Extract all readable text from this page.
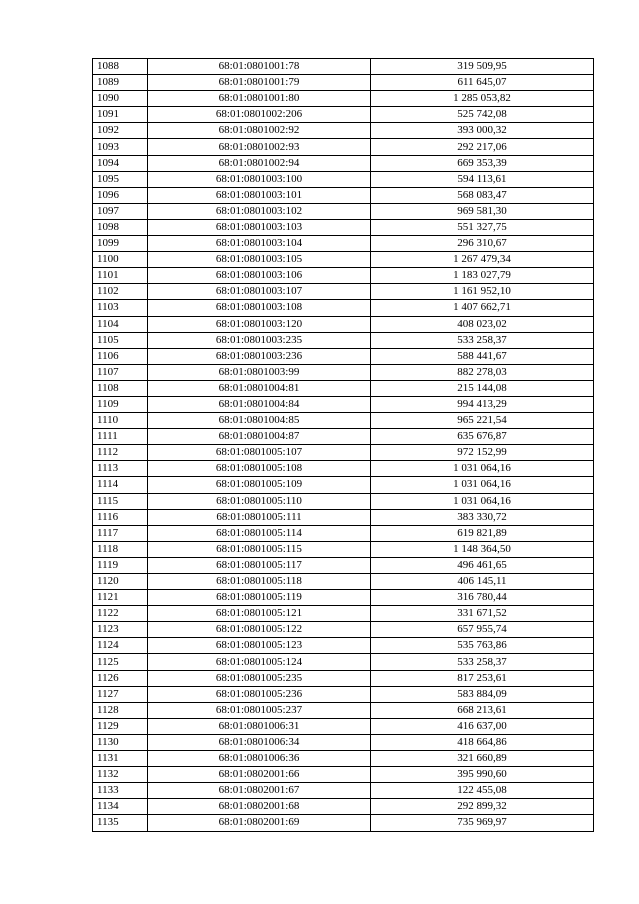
1088	68:01:0801001:78	319 509,95
1089	68:01:0801001:79	611 645,07
1090	68:01:0801001:80	1 285 053,82
1091	68:01:0801002:206	525 742,08
1092	68:01:0801002:92	393 000,32
1093	68:01:0801002:93	292 217,06
1094	68:01:0801002:94	669 353,39
1095	68:01:0801003:100	594 113,61
1096	68:01:0801003:101	568 083,47
1097	68:01:0801003:102	969 581,30
1098	68:01:0801003:103	551 327,75
1099	68:01:0801003:104	296 310,67
1100	68:01:0801003:105	1 267 479,34
1101	68:01:0801003:106	1 183 027,79
1102	68:01:0801003:107	1 161 952,10
1103	68:01:0801003:108	1 407 662,71
1104	68:01:0801003:120	408 023,02
1105	68:01:0801003:235	533 258,37
1106	68:01:0801003:236	588 441,67
1107	68:01:0801003:99	882 278,03
1108	68:01:0801004:81	215 144,08
1109	68:01:0801004:84	994 413,29
1110	68:01:0801004:85	965 221,54
1111	68:01:0801004:87	635 676,87
1112	68:01:0801005:107	972 152,99
1113	68:01:0801005:108	1 031 064,16
1114	68:01:0801005:109	1 031 064,16
1115	68:01:0801005:110	1 031 064,16
1116	68:01:0801005:111	383 330,72
1117	68:01:0801005:114	619 821,89
1118	68:01:0801005:115	1 148 364,50
1119	68:01:0801005:117	496 461,65
1120	68:01:0801005:118	406 145,11
1121	68:01:0801005:119	316 780,44
1122	68:01:0801005:121	331 671,52
1123	68:01:0801005:122	657 955,74
1124	68:01:0801005:123	535 763,86
1125	68:01:0801005:124	533 258,37
1126	68:01:0801005:235	817 253,61
1127	68:01:0801005:236	583 884,09
1128	68:01:0801005:237	668 213,61
1129	68:01:0801006:31	416 637,00
1130	68:01:0801006:34	418 664,86
1131	68:01:0801006:36	321 660,89
1132	68:01:0802001:66	395 990,60
1133	68:01:0802001:67	122 455,08
1134	68:01:0802001:68	292 899,32
1135	68:01:0802001:69	735 969,97
